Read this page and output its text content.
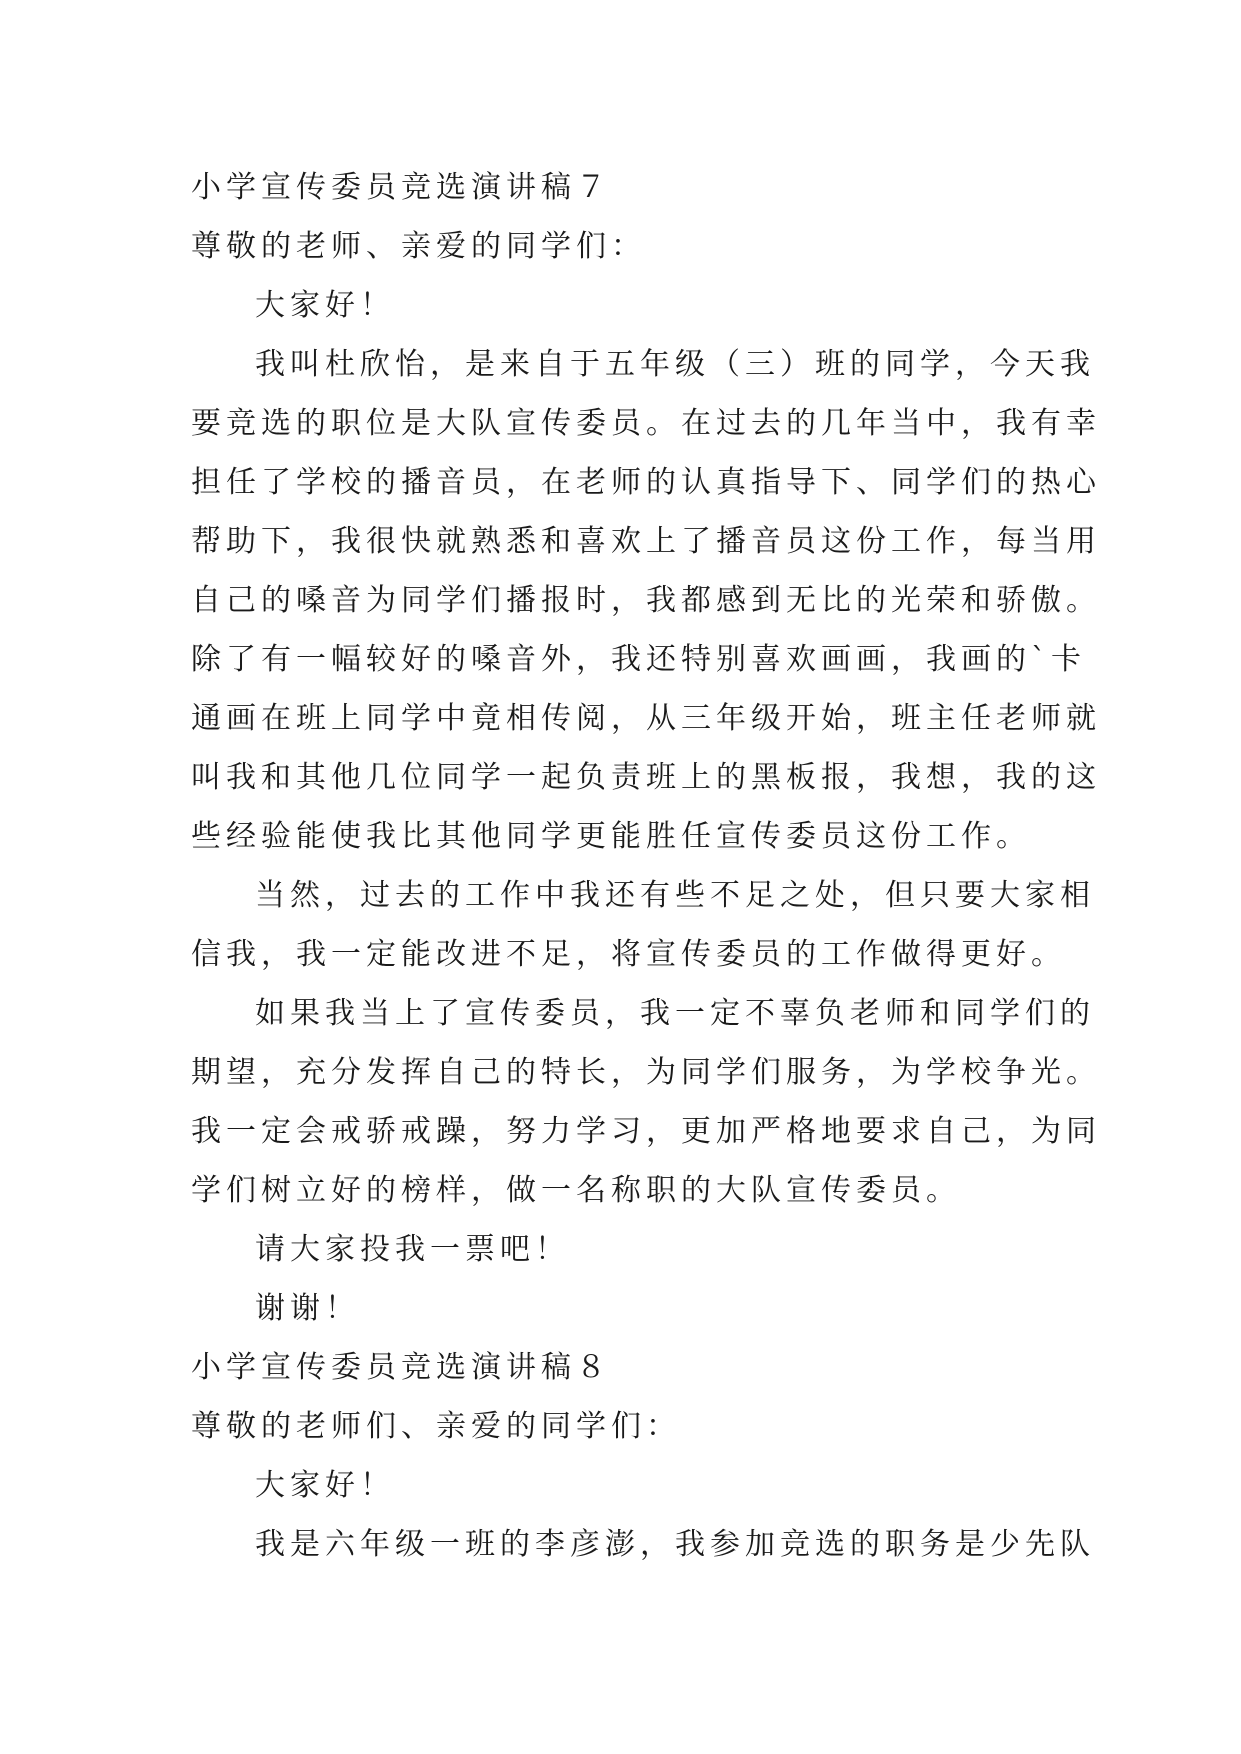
小学宣传委员竞选演讲稿７
尊敬的老师、亲爱的同学们：
大家好！
我叫杜欣怡，是来自于五年级（三）班的同学，今天我
要竞选的职位是大队宣传委员。在过去的几年当中，我有幸
担任了学校的播音员，在老师的认真指导下、同学们的热心
帮助下，我很快就熟悉和喜欢上了播音员这份工作，每当用
自己的嗓音为同学们播报时，我都感到无比的光荣和骄傲。
除了有一幅较好的嗓音外，我还特别喜欢画画，我画的`卡
通画在班上同学中竟相传阅，从三年级开始，班主任老师就
叫我和其他几位同学一起负责班上的黑板报，我想，我的这
些经验能使我比其他同学更能胜任宣传委员这份工作。
当然，过去的工作中我还有些不足之处，但只要大家相
信我，我一定能改进不足，将宣传委员的工作做得更好。
如果我当上了宣传委员，我一定不辜负老师和同学们的
期望，充分发挥自己的特长，为同学们服务，为学校争光。
我一定会戒骄戒躁，努力学习，更加严格地要求自己，为同
学们树立好的榜样，做一名称职的大队宣传委员。
请大家投我一票吧！
谢谢！
小学宣传委员竞选演讲稿８
尊敬的老师们、亲爱的同学们：
大家好！
我是六年级一班的李彦澎，我参加竞选的职务是少先队
